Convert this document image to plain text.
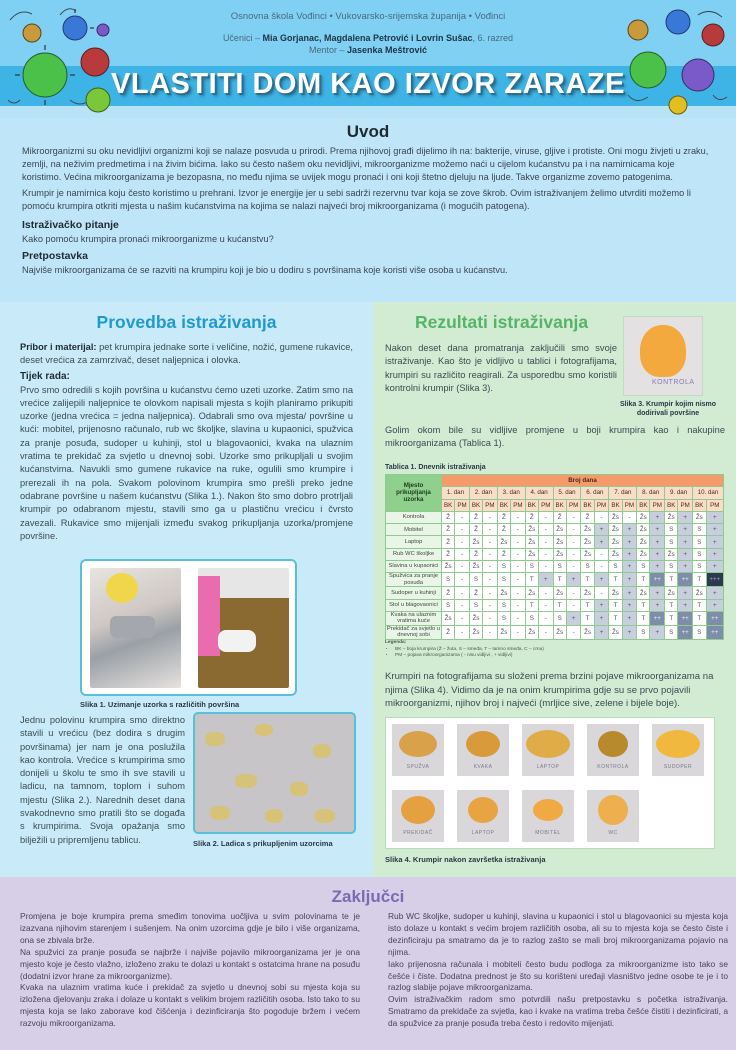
Osnovna škola Vođinci • Vukovarsko-srijemska županija • Vođinci
Učenici – Mia Gorjanac, Magdalena Petrović i Lovrin Sušac, 6. razred
Mentor – Jasenka Meštrović
VLASTITI DOM KAO IZVOR ZARAZE
Uvod

Mikroorganizmi su oku nevidljivi organizmi koji se nalaze posvuda u prirodi. Prema njihovoj građi dijelimo ih na: bakterije, viruse, gljive i protiste. Oni mogu živjeti u zraku, zemlji, na neživim predmetima i na živim bićima. Iako su često našem oku nevidljivi, mikroorganizme možemo naći u cijelom kućanstvu pa i na namirnicama koje koristimo. Većina mikroorganizama je bezopasna, no među njima se uvijek mogu pronaći i oni koji štetno djeluju na ljude. Takve organizme zovemo patogenima.

Krumpir je namirnica koju često koristimo u prehrani. Izvor je energije jer u sebi sadrži rezervnu tvar koja se zove škrob. Ovim istraživanjem želimo utvrditi možemo li pomoću krumpira otkriti mjesta u našim kućanstvima na kojima se nalazi najveći broj mikroorganizama (i mogućih patogena).

Istraživačko pitanje

Kako pomoću krumpira pronaći mikroorganizme u kućanstvu?

Pretpostavka

Najviše mikroorganizama će se razviti na krumpiru koji je bio u dodiru s površinama koje koristi više osoba u kućanstvu.

Provedba istraživanja
Pribor i materijal: pet krumpira jednake sorte i veličine, nožić, gumene rukavice, deset vrećica za zamrzivač, deset naljepnica i olovka.
Tijek rada:
Prvo smo odredili s kojih površina u kućanstvu ćemo uzeti uzorke. Zatim smo na vrećice zalijepili naljepnice te olovkom napisali mjesta s kojih planiramo prikupiti uzorke (jedna vrećica = jedna naljepnica). Odabrali smo ova mjesta/ površine u kući: mobitel, prijenosno računalo, rub wc školjke, slavina u kupaonici, spužvica za pranje posuđa, sudoper u kuhinji, stol u blagovaonici, kvaka na ulaznim vratima te prekidač za svjetlo u dnevnoj sobi. Uzorke smo prikupljali u svojim kućanstvima. Navukli smo gumene rukavice na ruke, ogulili smo krumpire i prerezali ih na pola. Svakom polovinom krumpira smo prešli preko jedne odabrane površine u našem kućanstvu (Slika 1.). Nakon što smo dobro protrljali krumpir po odabranom mjestu, stavili smo ga u plastičnu vrećicu i čvrsto zavezali. Rukavice smo mijenjali između svakog prikupljanja uzorka/promjene površine.
Slika 1. Uzimanje uzorka s različitih površina
Jednu polovinu krumpira smo direktno stavili u vrećicu (bez dodira s drugim površinama) jer nam je ona poslužila kao kontrola. Vrećice s krumpirima smo donijeli u školu te smo ih sve stavili u ladicu, na tamnom, toplom i suhom mjestu (Slika 2.). Narednih deset dana svakodnevno smo pratili što se događa s krumpirima. Svoja opažanja smo bilježili u pripremljenu tablicu.	Slika 2. Ladica s prikupljenim uzorcima
Rezultati istraživanja
Nakon deset dana promatranja zaključili smo svoje istraživanje. Kao što je vidljivo u tablici i fotografijama, krumpiri su različito reagirali. Za usporedbu smo koristili kontrolni krumpir (Slika 3).
KONTROLA
Slika 3. Krumpir kojim nismo dodirivali površine
Golim okom bile su vidljive promjene u boji krumpira kao i nakupine mikroorganizama (Tablica 1).
Tablica 1. Dnevnik istraživanja
Mjesto prikupljanja uzorka	Broj dana																			
	1. dan		2. dan		3. dan		4. dan		5. dan		6. dan		7. dan		8. dan		9. dan		10. dan	
	BK	PM	BK	PM	BK	PM	BK	PM	BK	PM	BK	PM	BK	PM	BK	PM	BK	PM	BK	PM
Kontrola	Ž	-	Ž	-	Ž	-	Ž	-	Ž	-	Ž	-	Žs	-	Žs	+	Žs	+	Žs	+
Mobitel	Ž	-	Ž	-	Ž	-	Žs	-	Žs	-	Žs	+	Žs	+	Žs	+	S	+	S	+
Laptop	Ž	-	Žs	-	Žs	-	Žs	-	Žs	-	Žs	+	Žs	+	Žs	+	S	+	S	+
Rub WC školjke	Ž	-	Ž	-	Ž	-	Žs	-	Žs	-	Žs	-	Žs	+	Žs	+	Žs	+	S	+
Slavina u kupaonici	Žs	-	Žs	-	S	-	S	-	S	-	S	-	S	+	S	+	S	+	S	+
Spužvica za pranje posuđa	S	-	S	-	S	-	T	+	T	+	T	+	T	+	T	++	T	++	T	+++
Sudoper u kuhinji	Ž	-	Ž	-	Žs	-	Žs	-	Žs	-	Žs	-	Žs	+	Žs	+	Žs	+	Žs	+
Stol u blagovaonici	S	-	S	-	S	-	T	-	T	-	T	+	T	+	T	+	T	+	T	+
Kvaka na ulaznim vratima kuće	Žs	-	Žs	-	S	-	S	-	S	+	T	+	T	+	T	++	T	++	T	++
Prekidač za svjetlo u dnevnoj sobi	Ž	-	Žs	-	Žs	-	Žs	-	Žs	-	Žs	+	Žs	+	S	+	S	++	S	++
Legenda:
• BK – boja krumpira (Ž – žuta, S – smeđa, T – tamno smeđa, C – crna)
• PM – pojava mikroorganizama ( - nisu vidljivi , + vidljivi)
Krumpiri na fotografijama su složeni prema brzini pojave mikroorganizama na njima (Slika 4). Vidimo da je na onim krumpirima gdje su se prvo pojavili mikroorganizmi, njihov broj i najveći (mrljice sive, zelene i bijele boje).
SPUŽVA	KVAKA	LAPTOP	KONTROLA	SUDOPER
PREKIDAČ	LAPTOP	MOBITEL	WC
Slika 4. Krumpir nakon završetka istraživanja
Zaključci
Promjena je boje krumpira prema smeđim tonovima uočljiva u svim polovinama te je izazvana njihovim starenjem i sušenjem. Na onim uzorcima gdje je bilo i više organizama, ona se zbivala brže.
Na spužvici za pranje posuđa se najbrže i najviše pojavilo mikroorganizama jer je ona mjesto koje je često vlažno, izloženo zraku te dolazi u kontakt s ostatcima hrane na posuđu (dodatni izvor hrane za mikroorganizme).
Kvaka na ulaznim vratima kuće i prekidač za svjetlo u dnevnoj sobi su mjesta koja su izložena djelovanju zraka i dolaze u kontakt s velikim brojem različitih osoba. Isto tako to su mjesta koja se lako zaborave kod čišćenja i dezinficiranja što pogoduje bržem i većem razvoju mikroorganizama.
Rub WC školjke, sudoper u kuhinji, slavina u kupaonici i stol u blagovaonici su mjesta koja isto dolaze u kontakt s većim brojem različitih osoba, ali su to mjesta koja se često čiste i dezinficiraju pa smatramo da je to razlog zašto se mali broj mikroorganizama pojavio na njima.
Iako prijenosna računala i mobiteli često budu podloga za mikroorganizme isto tako se češće i čiste. Dodatna prednost je što su korišteni uređaji vlasništvo jedne osobe te je i to razlog slabije pojave mikroorganizama.
Ovim istraživačkim radom smo potvrdili našu pretpostavku s početka istraživanja. Smatramo da prekidače za svjetla, kao i kvake na vratima treba češće čistiti i dezinficirati, a da spužvice za pranje posuđa treba često i redovito mijenjati.
